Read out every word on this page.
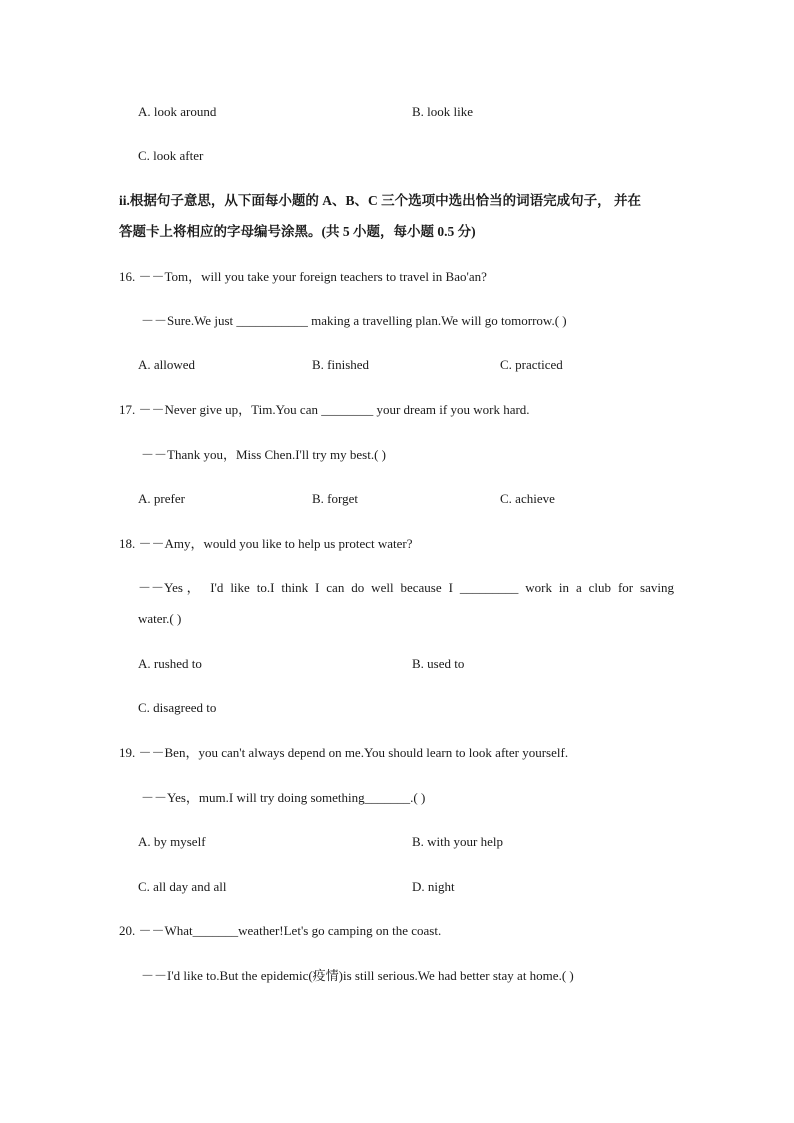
A. look around	B. look like
C. look after
ii.根据句子意思，从下面每小题的 A、B、C 三个选项中选出恰当的词语完成句子， 并在
答题卡上将相应的字母编号涂黑。(共 5 小题，每小题 0.5 分)
16. －－Tom，will you take your foreign teachers to travel in Bao'an?
－－Sure.We just ___________ making a travelling plan.We will go tomorrow.( )
A. allowed	B. finished	C. practiced
17. －－Never give up，Tim.You can ________ your dream if you work hard.
－－Thank you，Miss Chen.I'll try my best.( )
A. prefer	B. forget	C. achieve
18. －－Amy，would you like to help us protect water?
－－Yes， I'd like to.I think I can do well because I _________ work in a club for saving
water.( )
A. rushed to	B. used to
C. disagreed to
19. －－Ben，you can't always depend on me.You should learn to look after yourself.
－－Yes，mum.I will try doing something_______.( )
A. by myself	B. with your help
C. all day and all	D. night
20. －－What_______weather!Let's go camping on the coast.
－－I'd like to.But the epidemic(疫情)is still serious.We had better stay at home.( )
